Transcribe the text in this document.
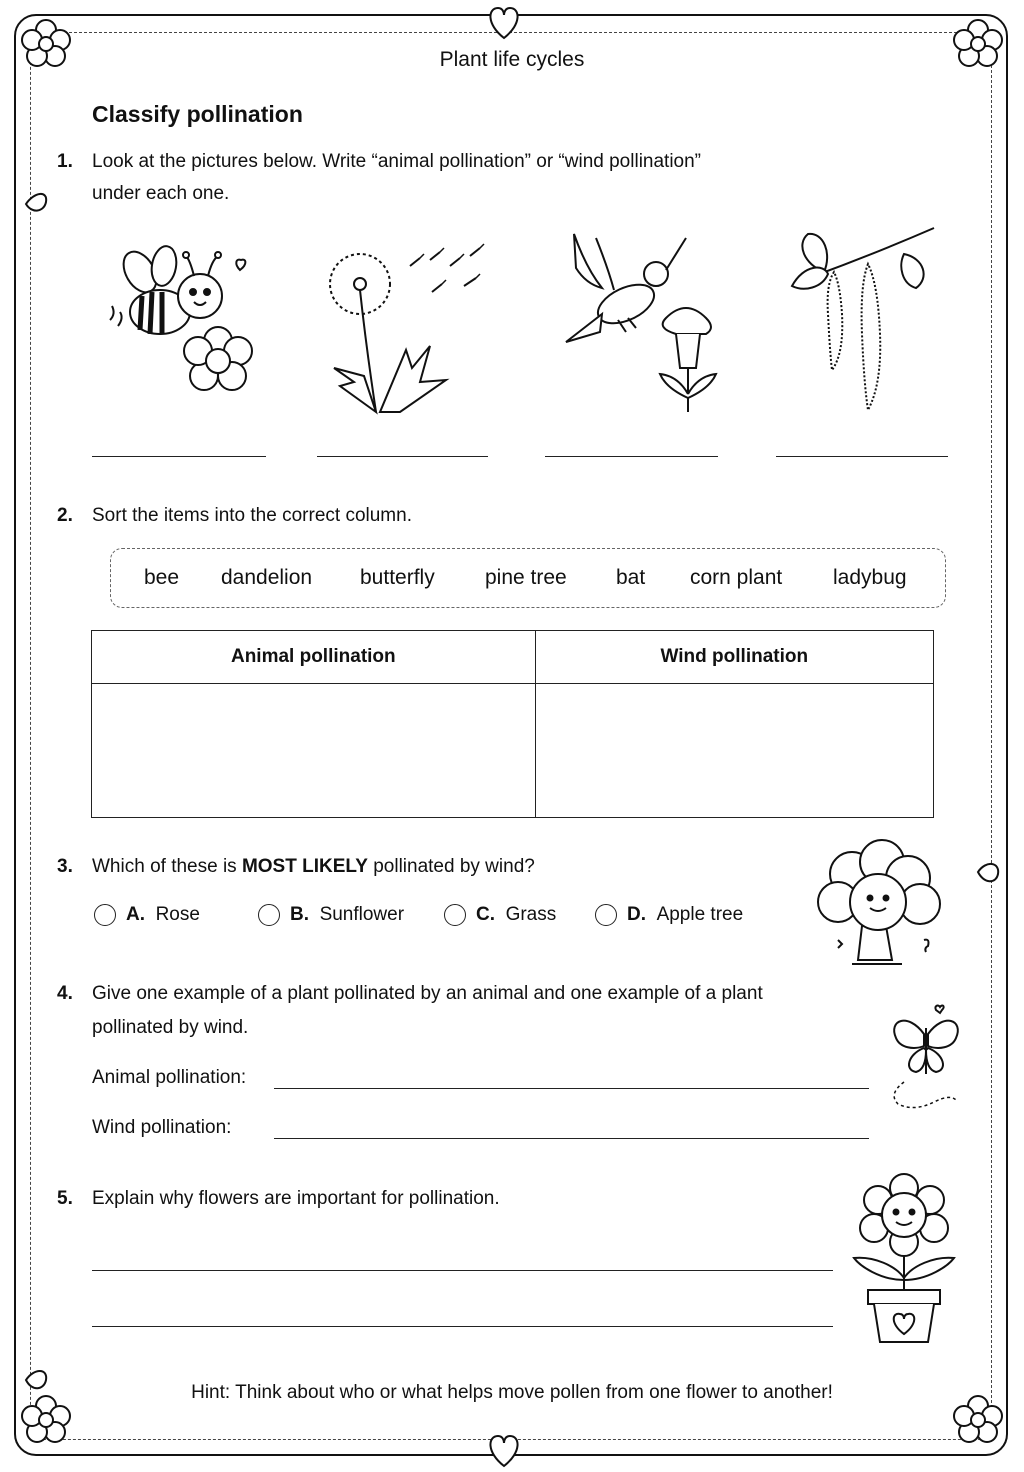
Plant life cycles
Classify pollination
1. Look at the pictures below. Write “animal pollination” or “wind pollination”
under each one.
2. Sort the items into the correct column.
bee dandelion butterfly pine tree bat corn plant ladybug
Animal pollination	Wind pollination

3. Which of these is MOST LIKELY pollinated by wind?
A.
Rose	B.
Sunflower	C.
Grass	D.
Apple tree
4. Give one example of a plant pollinated by an animal and one example of a plant
pollinated by wind.
Animal pollination:
Wind pollination:
5. Explain why flowers are important for pollination.
Hint: Think about who or what helps move pollen from one flower to another!
